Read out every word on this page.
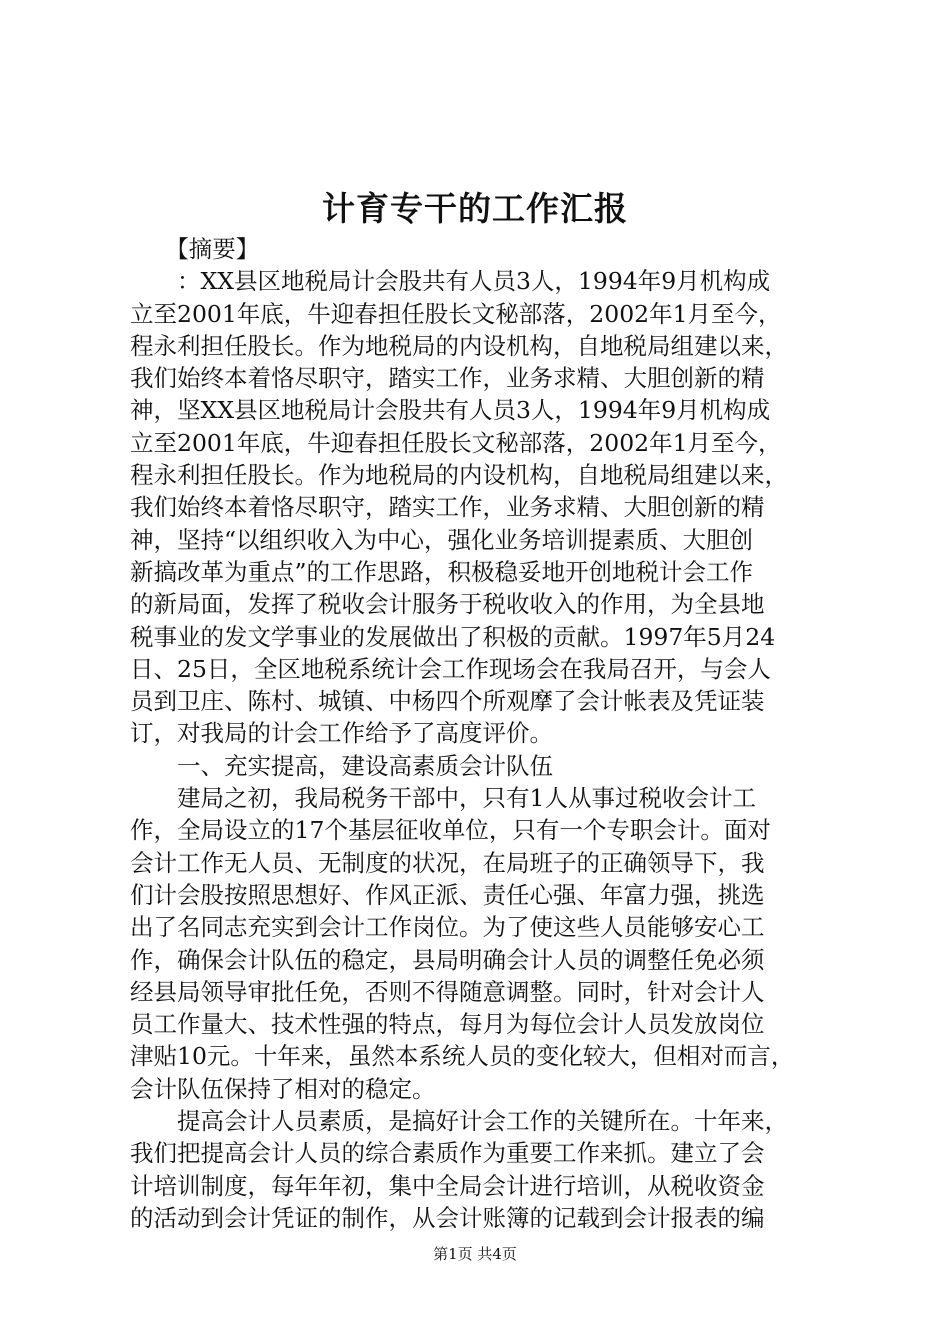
计育专干的工作汇报
　　【摘要】
　　：XX县区地税局计会股共有人员3人，1994年9月机构成
立至2001年底，牛迎春担任股长文秘部落，2002年1月至今，
程永利担任股长。作为地税局的内设机构，自地税局组建以来，
我们始终本着恪尽职守，踏实工作，业务求精、大胆创新的精
神，坚XX县区地税局计会股共有人员3人，1994年9月机构成
立至2001年底，牛迎春担任股长文秘部落，2002年1月至今，
程永利担任股长。作为地税局的内设机构，自地税局组建以来，
我们始终本着恪尽职守，踏实工作，业务求精、大胆创新的精
神，坚持“以组织收入为中心，强化业务培训提素质、大胆创
新搞改革为重点”的工作思路，积极稳妥地开创地税计会工作
的新局面，发挥了税收会计服务于税收收入的作用，为全县地
税事业的发文学事业的发展做出了积极的贡献。1997年5月24
日、25日，全区地税系统计会工作现场会在我局召开，与会人
员到卫庄、陈村、城镇、中杨四个所观摩了会计帐表及凭证装
订，对我局的计会工作给予了高度评价。
　　一、充实提高，建设高素质会计队伍
　　建局之初，我局税务干部中，只有1人从事过税收会计工
作，全局设立的17个基层征收单位，只有一个专职会计。面对
会计工作无人员、无制度的状况，在局班子的正确领导下，我
们计会股按照思想好、作风正派、责任心强、年富力强，挑选
出了名同志充实到会计工作岗位。为了使这些人员能够安心工
作，确保会计队伍的稳定，县局明确会计人员的调整任免必须
经县局领导审批任免，否则不得随意调整。同时，针对会计人
员工作量大、技术性强的特点，每月为每位会计人员发放岗位
津贴10元。十年来，虽然本系统人员的变化较大，但相对而言，
会计队伍保持了相对的稳定。
　　提高会计人员素质，是搞好计会工作的关键所在。十年来，
我们把提高会计人员的综合素质作为重要工作来抓。建立了会
计培训制度，每年年初，集中全局会计进行培训，从税收资金
的活动到会计凭证的制作，从会计账簿的记载到会计报表的编
第1页 共4页
